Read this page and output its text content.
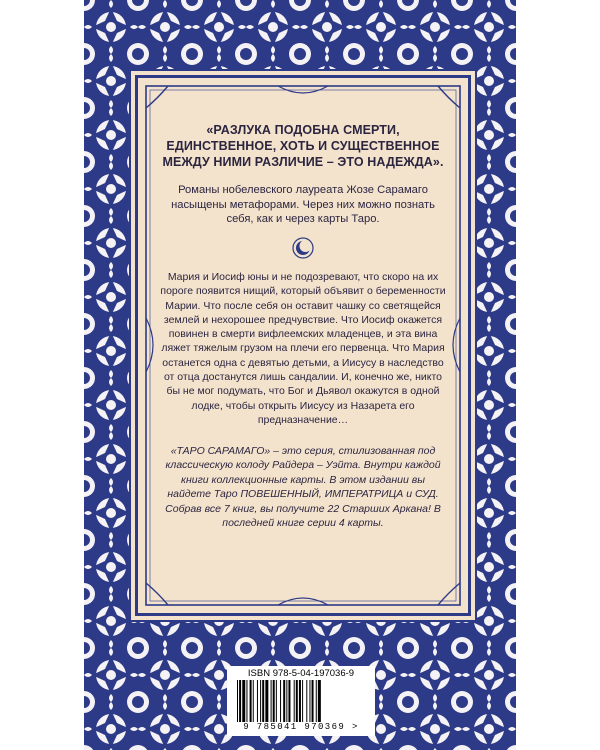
«РАЗЛУКА ПОДОБНА СМЕРТИ, ЕДИНСТВЕННОЕ, ХОТЬ И СУЩЕСТВЕННОЕ МЕЖДУ НИМИ РАЗЛИЧИЕ – ЭТО НАДЕЖДА».
Романы нобелевского лауреата Жозе Сарамаго насыщены метафорами. Через них можно познать себя, как и через карты Таро.
Мария и Иосиф юны и не подозревают, что скоро на их пороге появится нищий, который объявит о беременности Марии. Что после себя он оставит чашку со светящейся землей и нехорошее предчувствие. Что Иосиф окажется повинен в смерти вифлеемских младенцев, и эта вина ляжет тяжелым грузом на плечи его первенца. Что Мария останется одна с девятью детьми, а Иисусу в наследство от отца достанутся лишь сандалии. И, конечно же, никто бы не мог подумать, что Бог и Дьявол окажутся в одной лодке, чтобы открыть Иисусу из Назарета его предназначение…
«ТАРО САРАМАГО» – это серия, стилизованная под классическую колоду Райдера – Уэйта. Внутри каждой книги коллекционные карты. В этом издании вы найдете Таро ПОВЕШЕННЫЙ, ИМПЕРАТРИЦА и СУД. Собрав все 7 книг, вы получите 22 Старших Аркана! В последней книге серии 4 карты.
ISBN 978-5-04-197036-9
9 785041 970369 >
